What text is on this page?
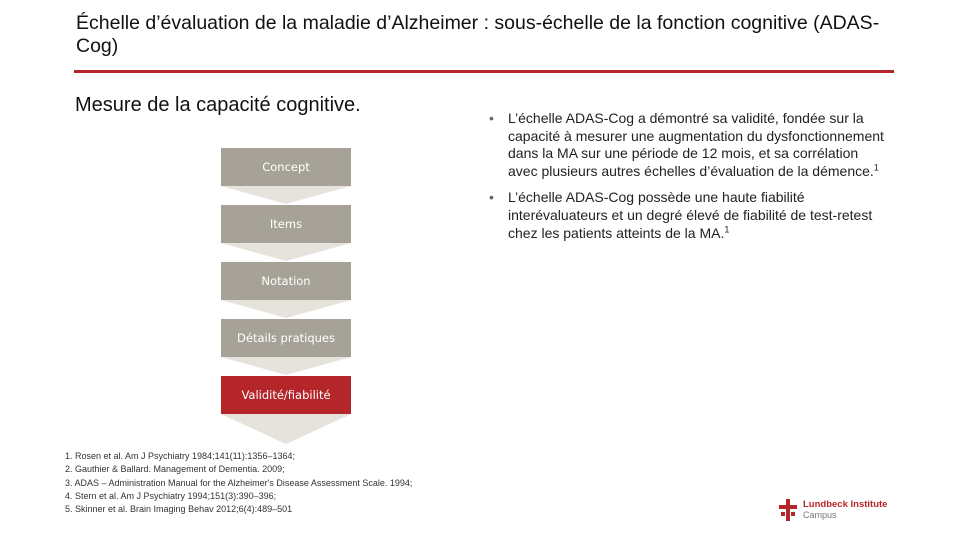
Échelle d’évaluation de la maladie d’Alzheimer : sous-échelle de la fonction cognitive (ADAS-Cog)
Mesure de la capacité cognitive.
Concept
Items
Notation
Détails pratiques
Validité/fiabilité
• L’échelle ADAS-Cog a démontré sa validité, fondée sur la capacité à mesurer une augmentation du dysfonctionnement dans la MA sur une période de 12 mois, et sa corrélation avec plusieurs autres échelles d’évaluation de la démence.$^1$
• L’échelle ADAS-Cog possède une haute fiabilité interévaluateurs et un degré élevé de fiabilité de test-retest chez les patients atteints de la MA.$^1$
1. Rosen et al. Am J Psychiatry 1984;141(11):1356–1364;
2. Gauthier & Ballard. Management of Dementia. 2009;
3. ADAS – Administration Manual for the Alzheimer's Disease Assessment Scale. 1994;
4. Stern et al. Am J Psychiatry 1994;151(3):390–396;
5. Skinner et al. Brain Imaging Behav 2012;6(4):489–501	Lundbeck Institute
Campus
